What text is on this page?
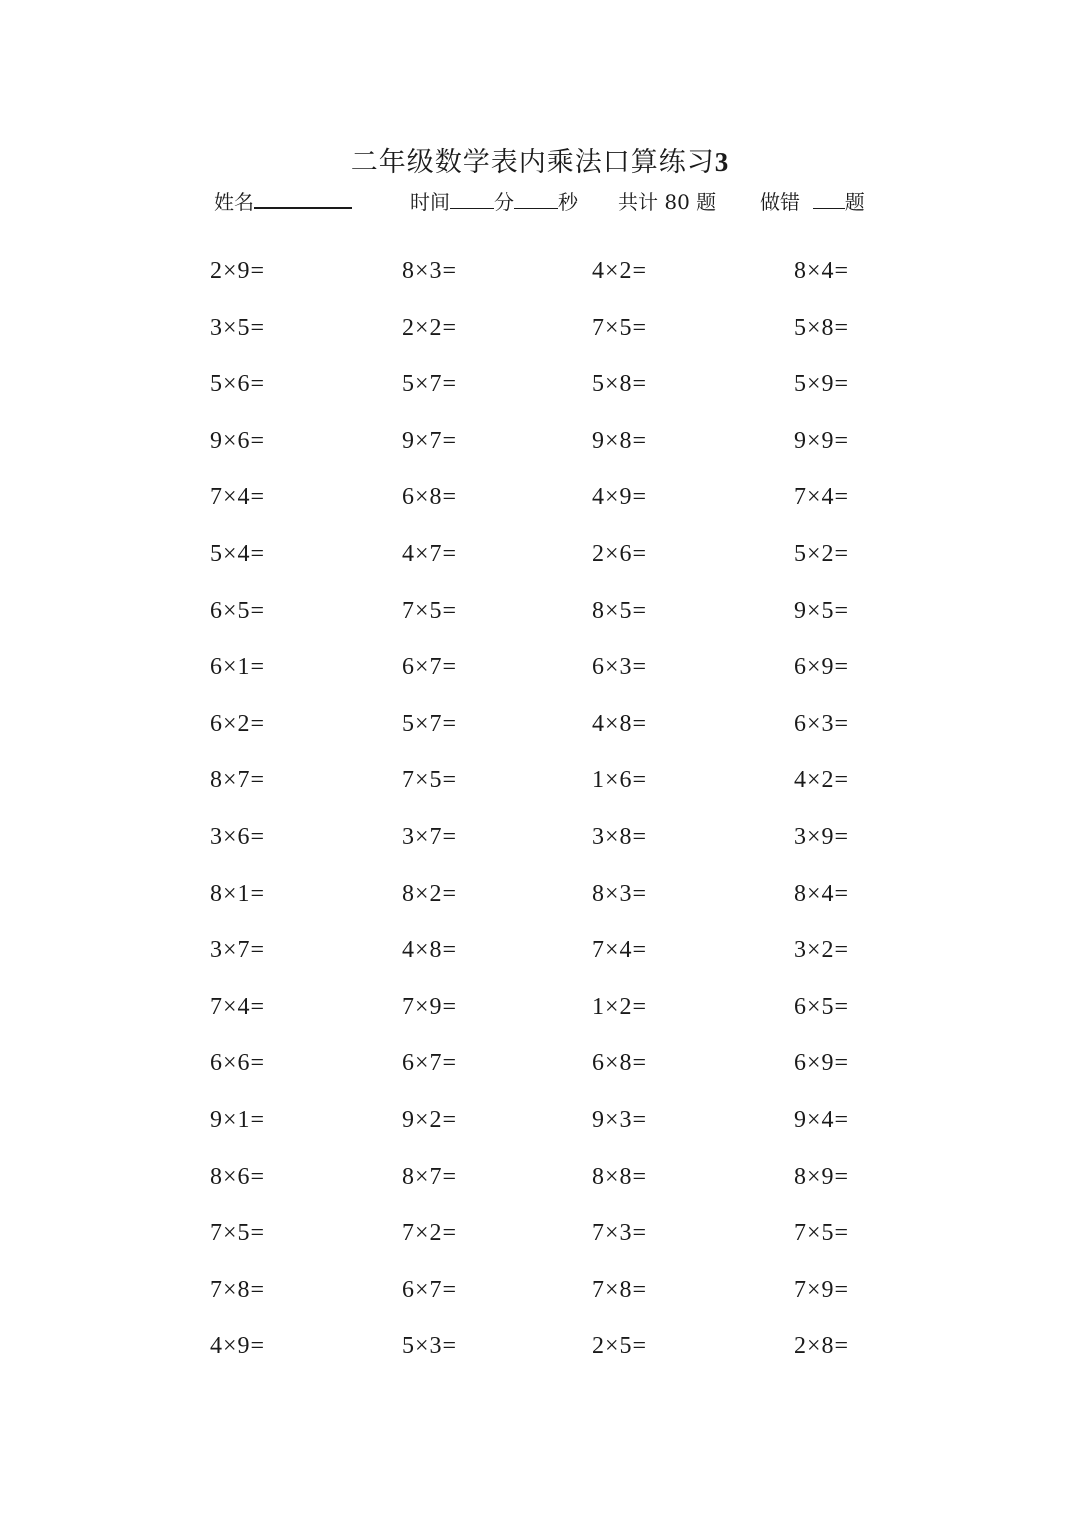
二年级数学表内乘法口算练习3
姓名	时间 分 秒 共计 80 题 做错 题
2×9=	8×3=	4×2=	8×4=
3×5=	2×2=	7×5=	5×8=
5×6=	5×7=	5×8=	5×9=
9×6=	9×7=	9×8=	9×9=
7×4=	6×8=	4×9=	7×4=
5×4=	4×7=	2×6=	5×2=
6×5=	7×5=	8×5=	9×5=
6×1=	6×7=	6×3=	6×9=
6×2=	5×7=	4×8=	6×3=
8×7=	7×5=	1×6=	4×2=
3×6=	3×7=	3×8=	3×9=
8×1=	8×2=	8×3=	8×4=
3×7=	4×8=	7×4=	3×2=
7×4=	7×9=	1×2=	6×5=
6×6=	6×7=	6×8=	6×9=
9×1=	9×2=	9×3=	9×4=
8×6=	8×7=	8×8=	8×9=
7×5=	7×2=	7×3=	7×5=
7×8=	6×7=	7×8=	7×9=
4×9=	5×3=	2×5=	2×8=
